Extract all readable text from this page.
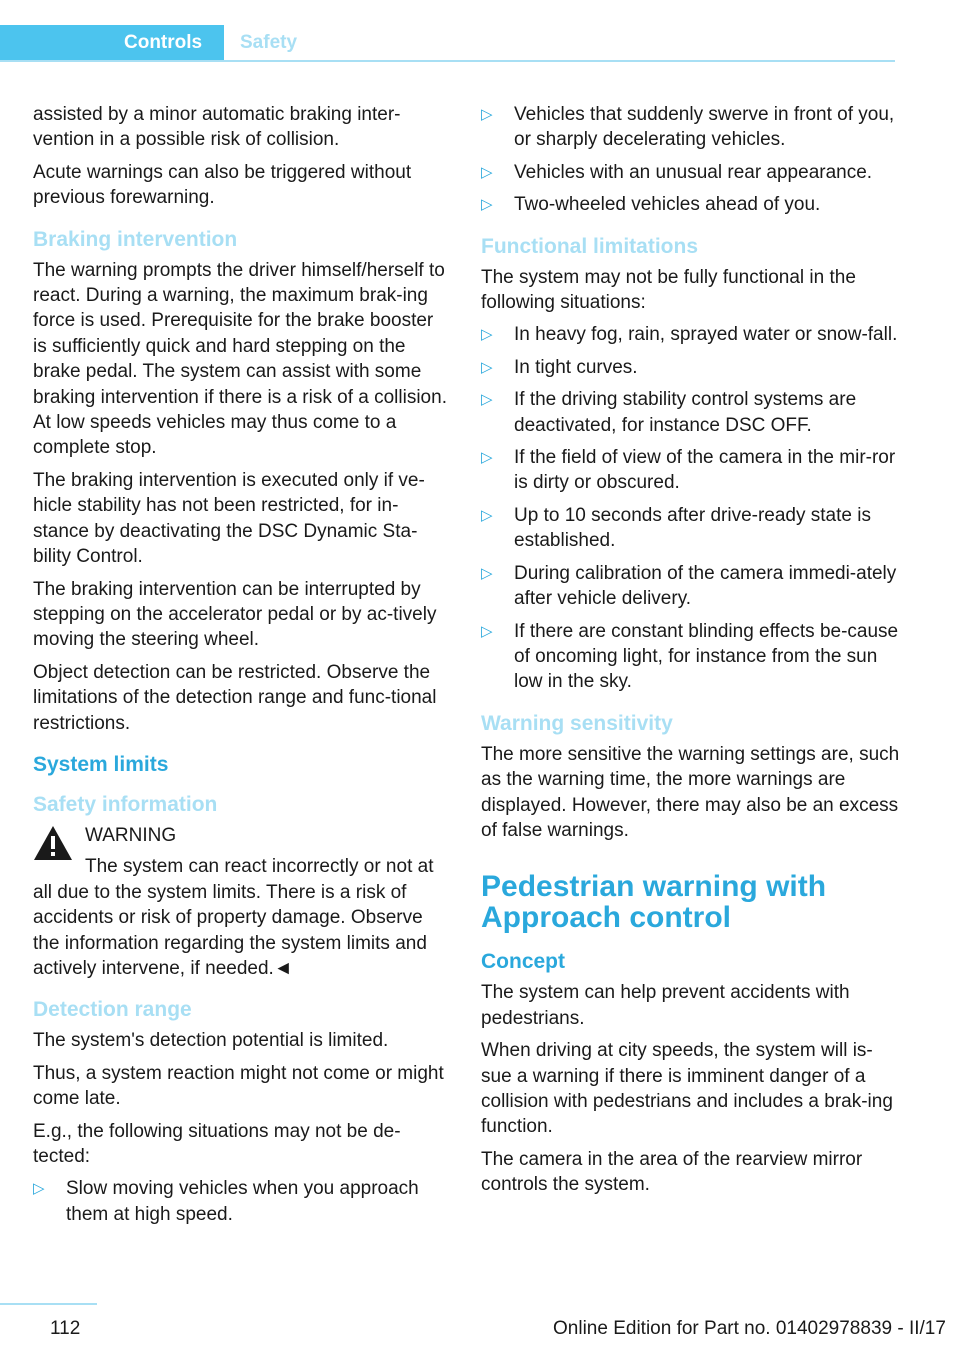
Controls	Safety

assisted by a minor automatic braking inter‐vention in a possible risk of collision.

Acute warnings can also be triggered without previous forewarning.

Braking intervention

The warning prompts the driver himself/herself to react. During a warning, the maximum brak‐ing force is used. Prerequisite for the brake booster is sufficiently quick and hard stepping on the brake pedal. The system can assist with some braking intervention if there is a risk of a collision. At low speeds vehicles may thus come to a complete stop.

The braking intervention is executed only if ve‐hicle stability has not been restricted, for in‐stance by deactivating the DSC Dynamic Sta‐bility Control.

The braking intervention can be interrupted by stepping on the accelerator pedal or by ac‐tively moving the steering wheel.

Object detection can be restricted. Observe the limitations of the detection range and func‐tional restrictions.

System limits
Safety information

WARNING

The system can react incorrectly or not at all due to the system limits. There is a risk of accidents or risk of property damage. Observe the information regarding the system limits and actively intervene, if needed.◄

Detection range

The system's detection potential is limited.

Thus, a system reaction might not come or might come late.

E.g., the following situations may not be de‐tected:

▷ Slow moving vehicles when you approach them at high speed.
▷ Vehicles that suddenly swerve in front of you, or sharply decelerating vehicles.
▷ Vehicles with an unusual rear appearance.
▷ Two-wheeled vehicles ahead of you.
Functional limitations

The system may not be fully functional in the following situations:

▷ In heavy fog, rain, sprayed water or snow‐fall.
▷ In tight curves.
▷ If the driving stability control systems are deactivated, for instance DSC OFF.
▷ If the field of view of the camera in the mir‐ror is dirty or obscured.
▷ Up to 10 seconds after drive-ready state is established.
▷ During calibration of the camera immedi‐ately after vehicle delivery.
▷ If there are constant blinding effects be‐cause of oncoming light, for instance from the sun low in the sky.
Warning sensitivity

The more sensitive the warning settings are, such as the warning time, the more warnings are displayed. However, there may also be an excess of false warnings.

Pedestrian warning with
Approach control
Concept

The system can help prevent accidents with pedestrians.

When driving at city speeds, the system will is‐sue a warning if there is imminent danger of a collision with pedestrians and includes a brak‐ing function.

The camera in the area of the rearview mirror controls the system.

112	Online Edition for Part no. 01402978839 - II/17
